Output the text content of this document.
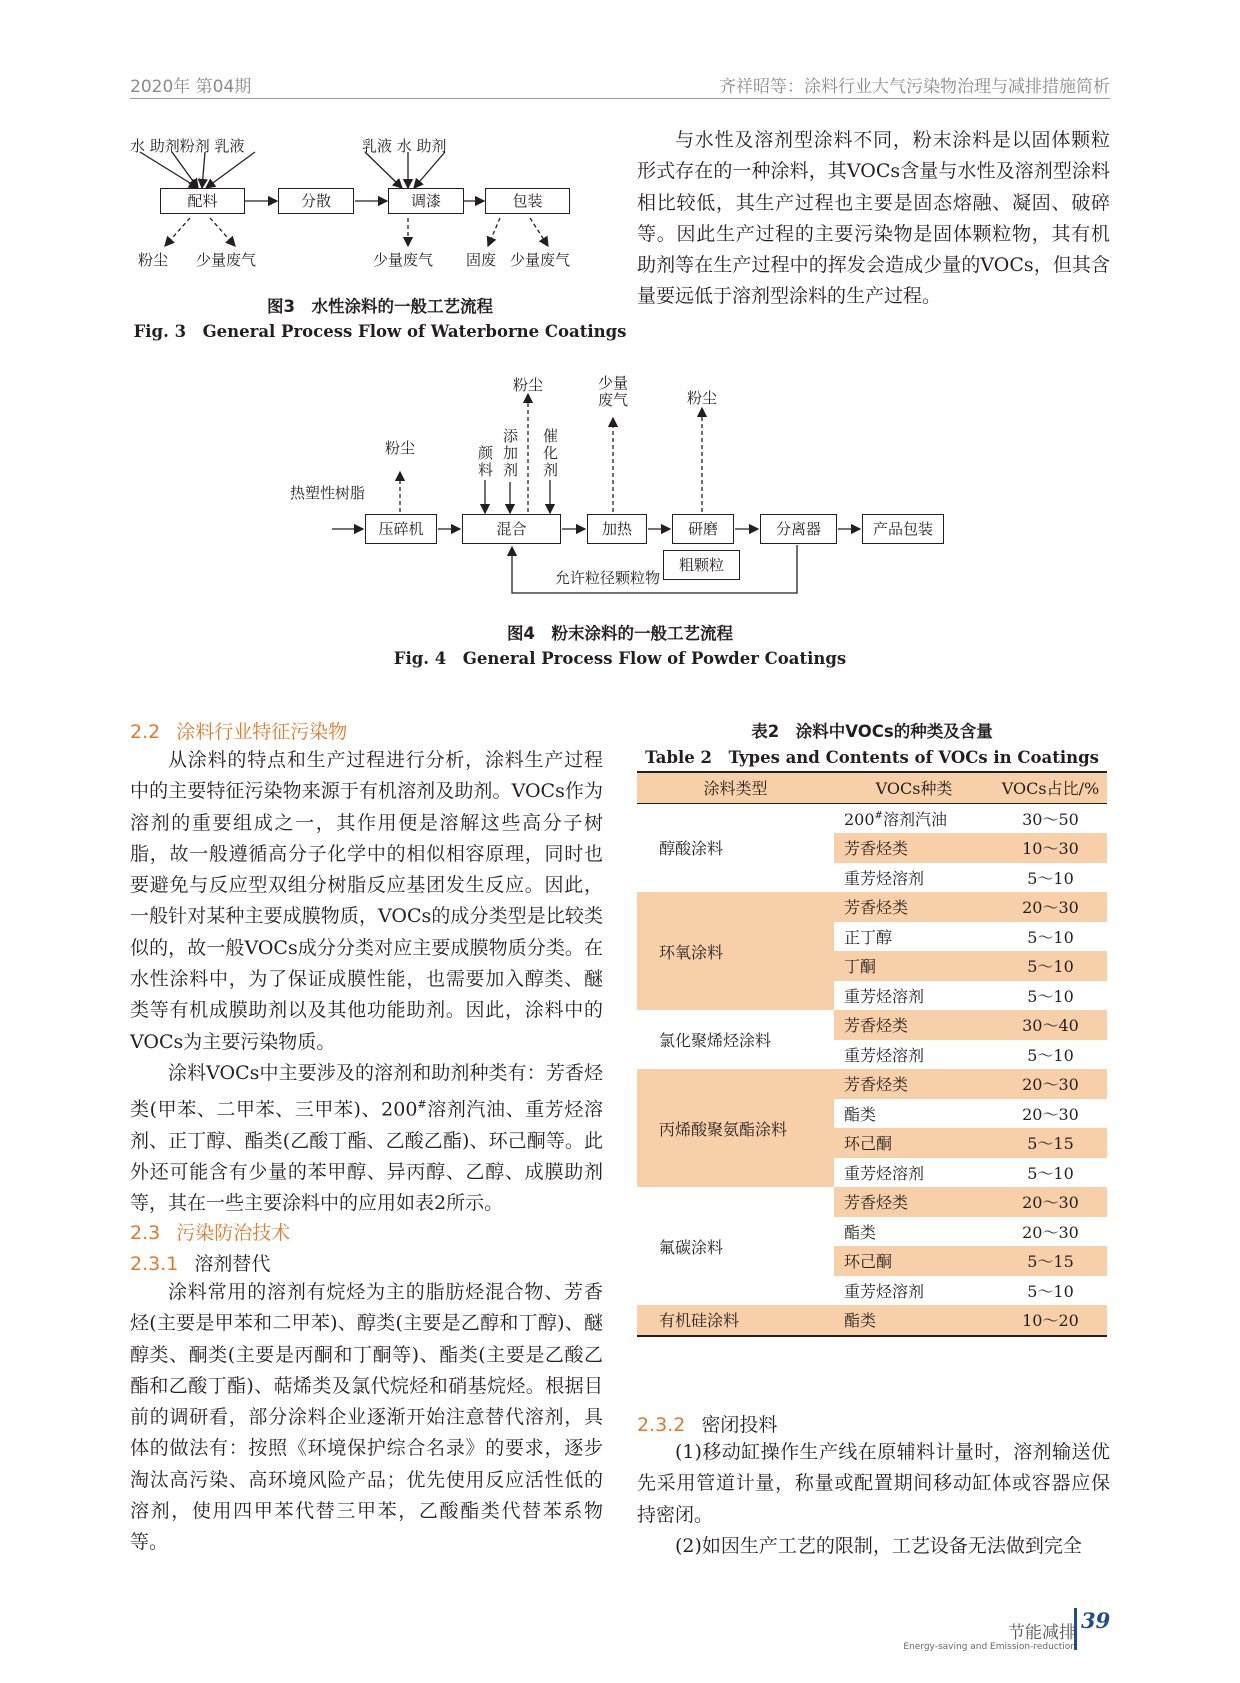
2020年 第04期	齐祥昭等：涂料行业大气污染物治理与减排措施简析
水 助剂粉剂 乳液	乳液 水 助剂
配料	分散	调漆	包装
粉尘 少量废气	少量废气 固废 少量废气
图3　水性涂料的一般工艺流程
Fig. 3　General Process Flow of Waterborne Coatings

与水性及溶剂型涂料不同，粉末涂料是以固体颗粒形式存在的一种涂料，其VOCs含量与水性及溶剂型涂料相比较低，其生产过程也主要是固态熔融、凝固、破碎等。因此生产过程的主要污染物是固体颗粒物，其有机助剂等在生产过程中的挥发会造成少量的VOCs，但其含量要远低于溶剂型涂料的生产过程。

热塑性树脂
粉尘
粉尘	少量
废气	粉尘
颜
料
添
加
剂
催
化
剂
压碎机	混合	加热	研磨	分离器	产品包装
粗颗粒
允许粒径颗粒物
图4　粉末涂料的一般工艺流程
Fig. 4　General Process Flow of Powder Coatings
2.2 涂料行业特征污染物

从涂料的特点和生产过程进行分析，涂料生产过程中的主要特征污染物来源于有机溶剂及助剂。VOCs作为溶剂的重要组成之一，其作用便是溶解这些高分子树脂，故一般遵循高分子化学中的相似相容原理，同时也要避免与反应型双组分树脂反应基团发生反应。因此，一般针对某种主要成膜物质，VOCs的成分类型是比较类似的，故一般VOCs成分分类对应主要成膜物质分类。在水性涂料中，为了保证成膜性能，也需要加入醇类、醚类等有机成膜助剂以及其他功能助剂。因此，涂料中的VOCs为主要污染物质。

涂料VOCs中主要涉及的溶剂和助剂种类有：芳香烃类(甲苯、二甲苯、三甲苯)、200#溶剂汽油、重芳烃溶剂、正丁醇、酯类(乙酸丁酯、乙酸乙酯)、环己酮等。此外还可能含有少量的苯甲醇、异丙醇、乙醇、成膜助剂等，其在一些主要涂料中的应用如表2所示。

2.3 污染防治技术
2.3.1 溶剂替代

涂料常用的溶剂有烷烃为主的脂肪烃混合物、芳香烃(主要是甲苯和二甲苯)、醇类(主要是乙醇和丁醇)、醚醇类、酮类(主要是丙酮和丁酮等)、酯类(主要是乙酸乙酯和乙酸丁酯)、萜烯类及氯代烷烃和硝基烷烃。根据目前的调研看，部分涂料企业逐渐开始注意替代溶剂，具体的做法有：按照《环境保护综合名录》的要求，逐步淘汰高污染、高环境风险产品；优先使用反应活性低的溶剂，使用四甲苯代替三甲苯，乙酸酯类代替苯系物等。

表2　涂料中VOCs的种类及含量
Table 2　Types and Contents of VOCs in Coatings
涂料类型	VOCs种类	VOCs占比/%
醇酸涂料	200#溶剂汽油	30～50
	芳香烃类	10～30
	重芳烃溶剂	5～10
环氧涂料	芳香烃类	20～30
	正丁醇	5～10
	丁酮	5～10
	重芳烃溶剂	5～10
氯化聚烯烃涂料	芳香烃类	30～40
	重芳烃溶剂	5～10
丙烯酸聚氨酯涂料	芳香烃类	20～30
	酯类	20～30
	环己酮	5～15
	重芳烃溶剂	5～10
氟碳涂料	芳香烃类	20～30
	酯类	20～30
	环己酮	5～15
	重芳烃溶剂	5～10
有机硅涂料	酯类	10～20
2.3.2 密闭投料

(1)移动缸操作生产线在原辅料计量时，溶剂输送优先采用管道计量，称量或配置期间移动缸体或容器应保持密闭。

(2)如因生产工艺的限制，工艺设备无法做到完全

节能减排
Energy-saving and Emission-reduction
39
